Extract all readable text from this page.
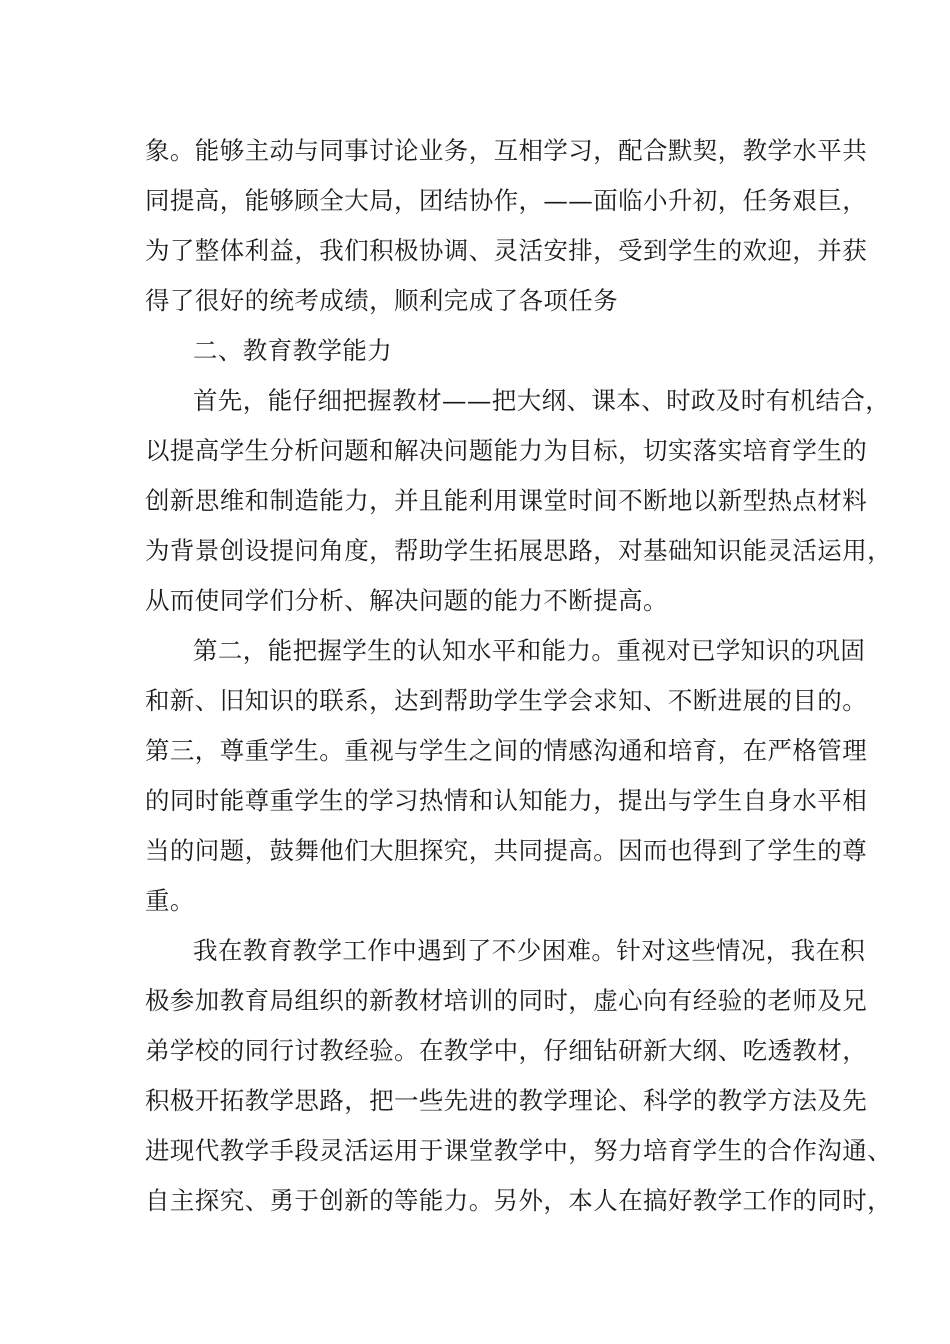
象。能够主动与同事讨论业务，互相学习，配合默契，教学水平共

同提高，能够顾全大局，团结协作，——面临小升初，任务艰巨，

为了整体利益，我们积极协调、灵活安排，受到学生的欢迎，并获

得了很好的统考成绩，顺利完成了各项任务

二、教育教学能力

首先，能仔细把握教材——把大纲、课本、时政及时有机结合，

以提高学生分析问题和解决问题能力为目标，切实落实培育学生的

创新思维和制造能力，并且能利用课堂时间不断地以新型热点材料

为背景创设提问角度，帮助学生拓展思路，对基础知识能灵活运用，

从而使同学们分析、解决问题的能力不断提高。

第二，能把握学生的认知水平和能力。重视对已学知识的巩固

和新、旧知识的联系，达到帮助学生学会求知、不断进展的目的。

第三，尊重学生。重视与学生之间的情感沟通和培育，在严格管理

的同时能尊重学生的学习热情和认知能力，提出与学生自身水平相

当的问题，鼓舞他们大胆探究，共同提高。因而也得到了学生的尊

重。

我在教育教学工作中遇到了不少困难。针对这些情况，我在积

极参加教育局组织的新教材培训的同时，虚心向有经验的老师及兄

弟学校的同行讨教经验。在教学中，仔细钻研新大纲、吃透教材，

积极开拓教学思路，把一些先进的教学理论、科学的教学方法及先

进现代教学手段灵活运用于课堂教学中，努力培育学生的合作沟通、

自主探究、勇于创新的等能力。另外，本人在搞好教学工作的同时，
